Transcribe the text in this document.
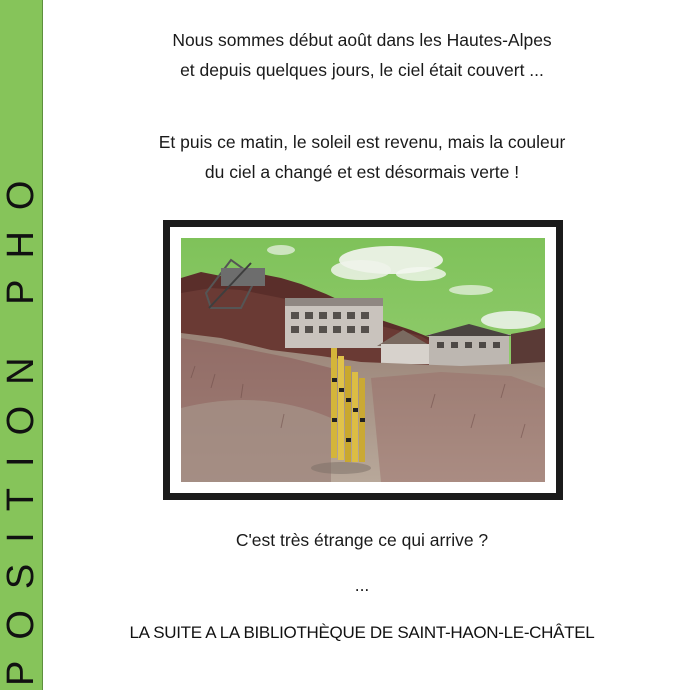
POSITION PHO
Nous sommes début août dans les Hautes-Alpes
et depuis quelques jours, le ciel était couvert ...
Et puis ce matin, le soleil est revenu, mais la couleur
du ciel a changé et est désormais verte !
C'est très étrange ce qui arrive ?
...
LA SUITE A LA BIBLIOTHÈQUE DE SAINT-HAON-LE-CHÂTEL
